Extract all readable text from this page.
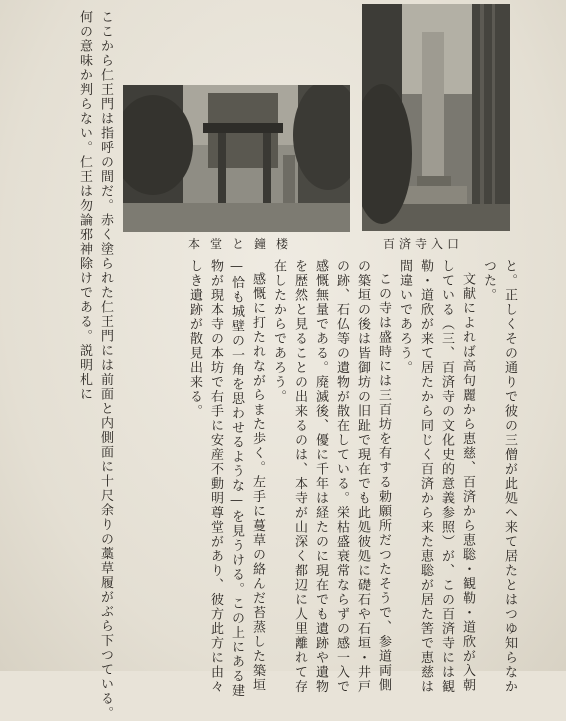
本堂と鐘楼	百済寺入口
ここから仁王門は指呼の間だ。赤く塗られた仁王門には前面と内側面に十尺余りの藁草履がぶら下つている。
何の意味か判らない。仁王は勿論邪神除けである。説明札に
と。正しくその通りで彼の三僧が此処へ来て居たとはつゆ知らなか
つた。
文献によれば高句麗から恵慈、百済から恵聡・観勒・道欣が入朝
している（三、百済寺の文化史的意義参照）が、この百済寺には観
勒・道欣が来て居たから同じく百済から来た恵聡が居た筈で恵慈は
間違いであろう。
この寺は盛時には三百坊を有する勅願所だつたそうで、参道両側
の築垣の後は皆御坊の旧趾で現在でも此処彼処に礎石や石垣・井戸
の跡、石仏等の遺物が散在している。栄枯盛衰常ならずの感一入で
感慨無量である。廃滅後、優に千年は経たのに現在でも遺跡や遺物
を歴然と見ることの出来るのは、本寺が山深く都辺に人里離れて存
在したからであろう。
感慨に打たれながらまた歩く。左手に蔓草の絡んだ苔蒸した築垣
—恰も城壁の一角を思わせるような—を見うける。この上にある建
物が現本寺の本坊で右手に安産不動明尊堂があり、彼方此方に由々
しき遺跡が散見出来る。
